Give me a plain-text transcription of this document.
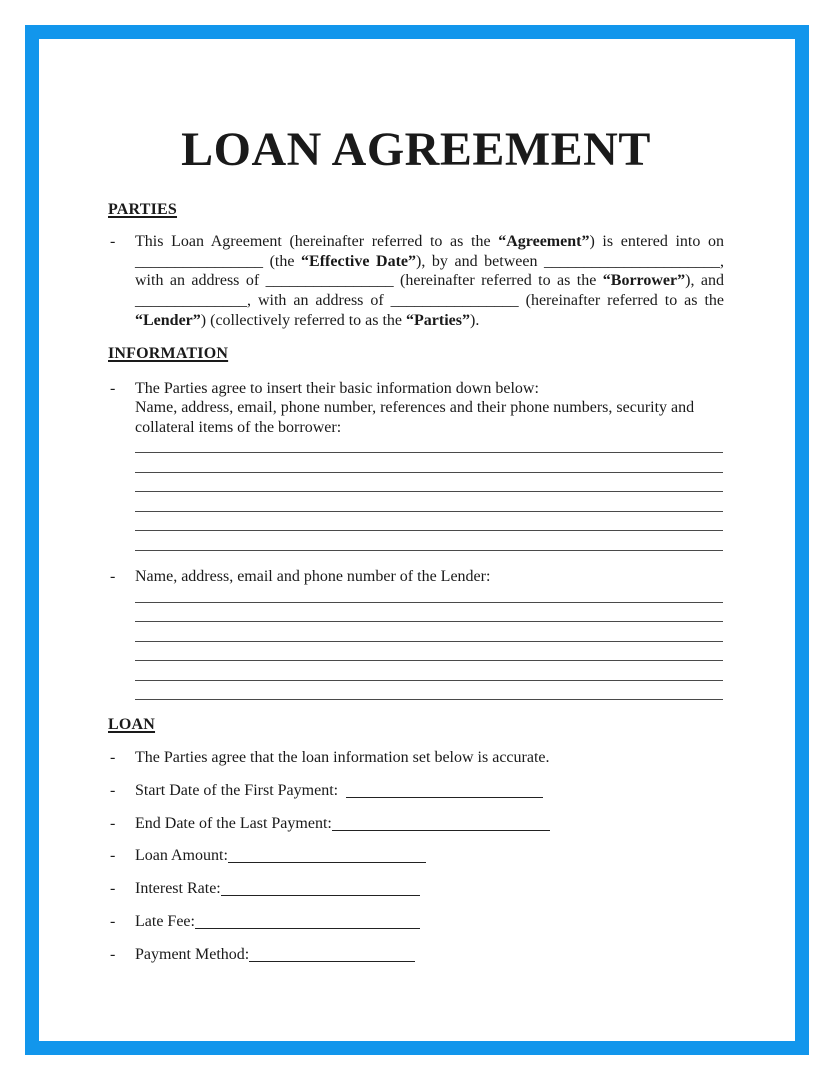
LOAN AGREEMENT
PARTIES
-	This Loan Agreement (hereinafter referred to as the “Agreement”) is entered into on
________________ (the “Effective Date”), by and between ______________________,
with an address of ________________ (hereinafter referred to as the “Borrower”), and
______________, with an address of ________________ (hereinafter referred to as the
“Lender”) (collectively referred to as the “Parties”).
INFORMATION
-	The Parties agree to insert their basic information down below:
Name, address, email, phone number, references and their phone numbers, security and collateral items of the borrower:
-	Name, address, email and phone number of the Lender:
LOAN
-	The Parties agree that the loan information set below is accurate.
-	Start Date of the First Payment:
-	End Date of the Last Payment:
-	Loan Amount:
-	Interest Rate:
-	Late Fee:
-	Payment Method:
